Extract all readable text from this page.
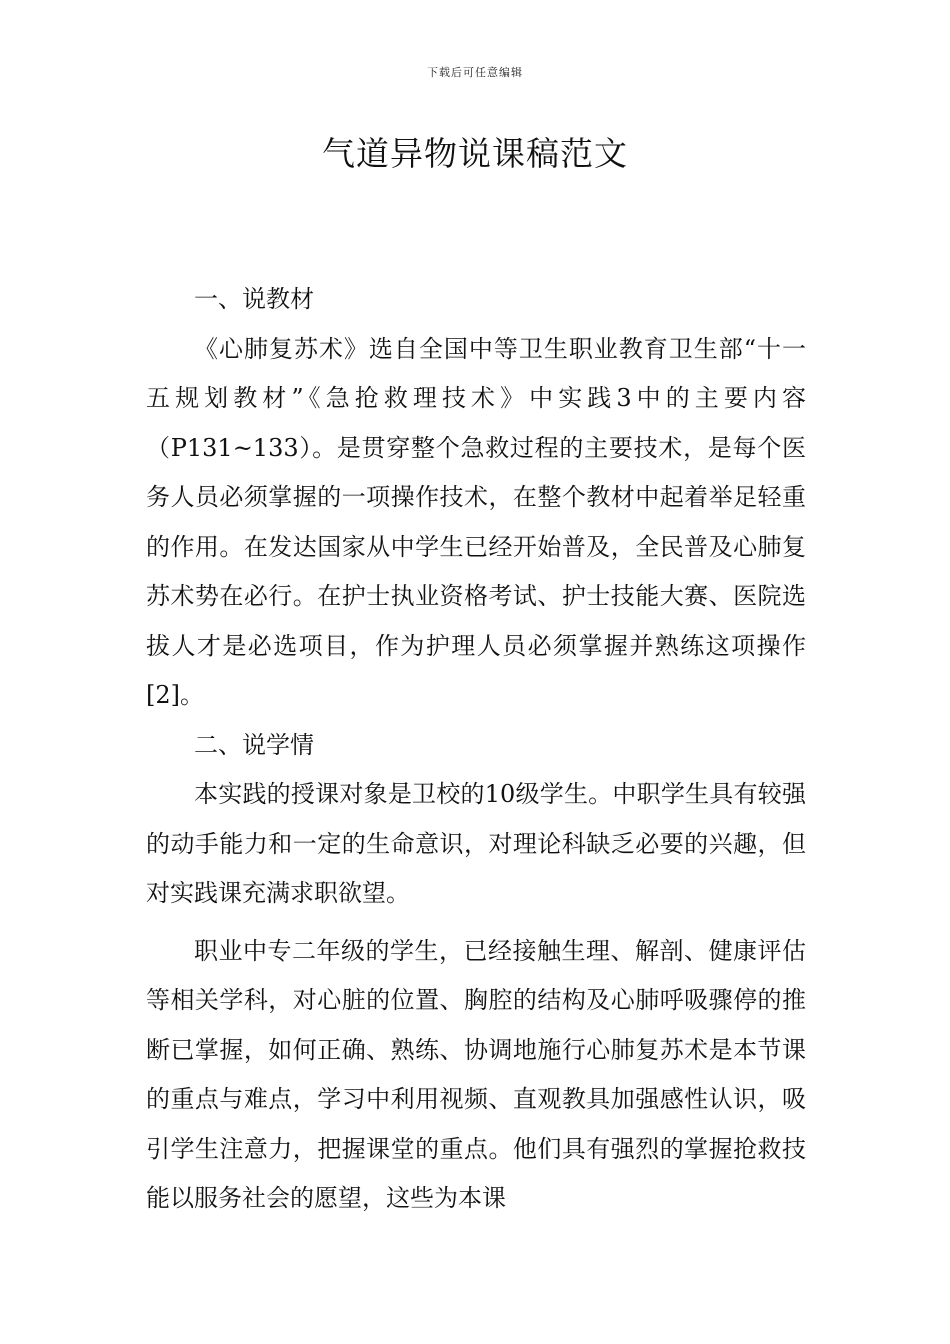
下载后可任意编辑
气道异物说课稿范文

一、说教材

《心肺复苏术》选自全国中等卫生职业教育卫生部“十一五规划教材”《急抢救理技术》中实践3中的主要内容（P131~133）。是贯穿整个急救过程的主要技术，是每个医务人员必须掌握的一项操作技术，在整个教材中起着举足轻重的作用。在发达国家从中学生已经开始普及，全民普及心肺复苏术势在必行。在护士执业资格考试、护士技能大赛、医院选拔人才是必选项目，作为护理人员必须掌握并熟练这项操作[2]。

二、说学情

本实践的授课对象是卫校的10级学生。中职学生具有较强的动手能力和一定的生命意识，对理论科缺乏必要的兴趣，但对实践课充满求职欲望。

职业中专二年级的学生，已经接触生理、解剖、健康评估等相关学科，对心脏的位置、胸腔的结构及心肺呼吸骤停的推断已掌握，如何正确、熟练、协调地施行心肺复苏术是本节课的重点与难点，学习中利用视频、直观教具加强感性认识，吸引学生注意力，把握课堂的重点。他们具有强烈的掌握抢救技能以服务社会的愿望，这些为本课
